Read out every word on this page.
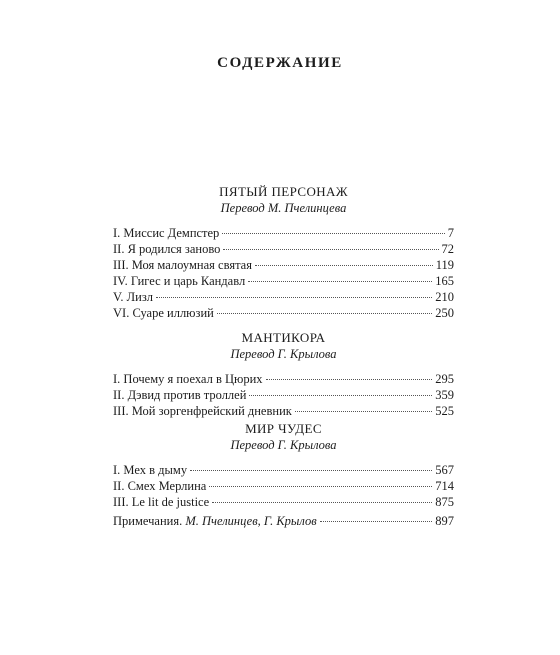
СОДЕРЖАНИЕ
ПЯТЫЙ ПЕРСОНАЖ
Перевод М. Пчелинцева
I. Миссис Демпстер	7
II. Я родился заново	72
III. Моя малоумная святая	119
IV. Гигес и царь Кандавл	165
V. Лизл	210
VI. Суаре иллюзий	250
МАНТИКОРА
Перевод Г. Крылова
I. Почему я поехал в Цюрих	295
II. Дэвид против троллей	359
III. Мой зоргенфрейский дневник	525
МИР ЧУДЕС
Перевод Г. Крылова
I. Мех в дыму	567
II. Смех Мерлина	714
III. Le lit de justice	875
Примечания. М. Пчелинцев, Г. Крылов	897
